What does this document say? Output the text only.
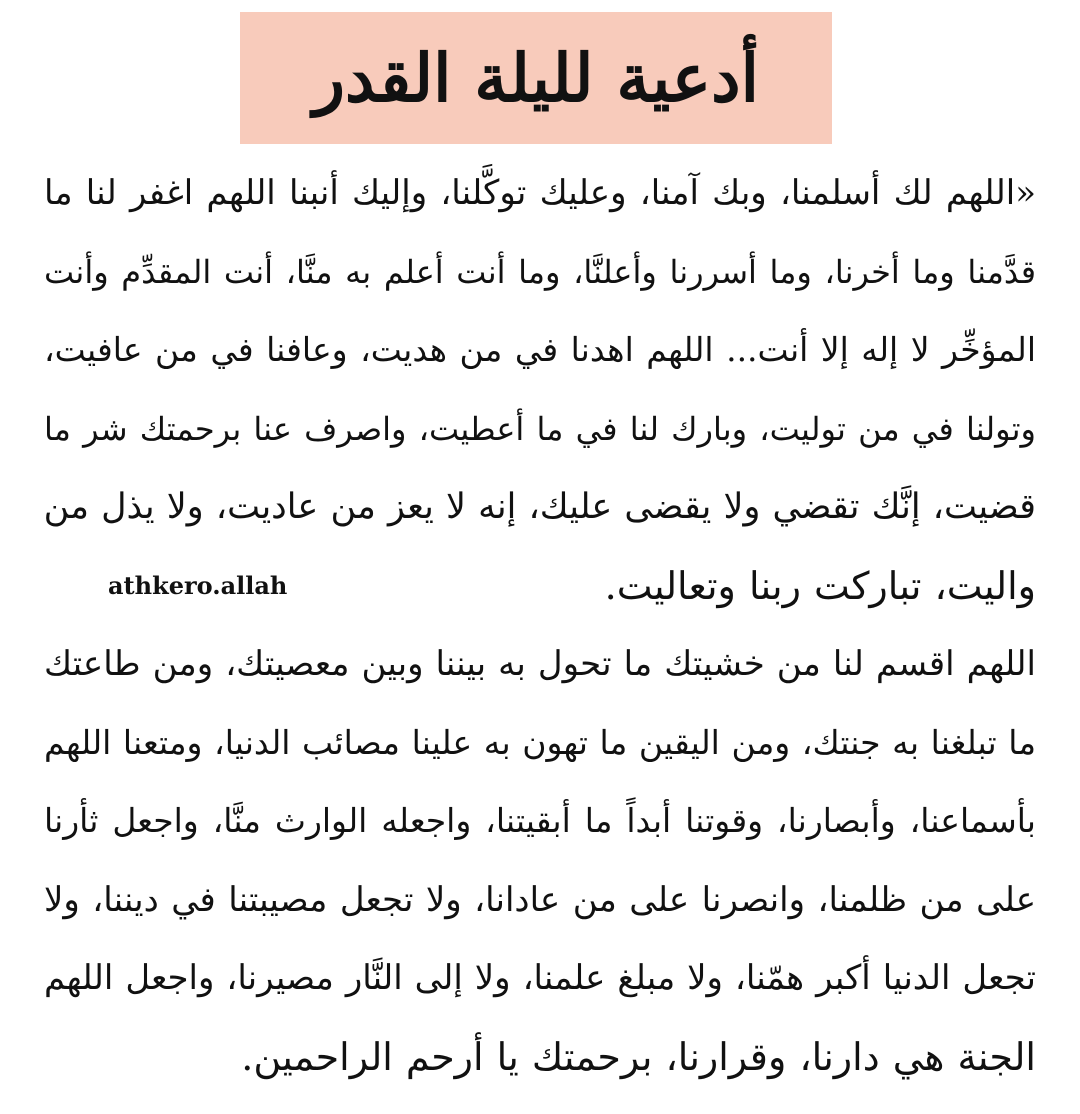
أدعية لليلة القدر
«اللهم لك أسلمنا، وبك آمنا، وعليك توكَّلنا، وإليك أنبنا اللهم اغفر لنا ما
قدَّمنا وما أخرنا، وما أسررنا وأعلنَّا، وما أنت أعلم به منَّا، أنت المقدِّم وأنت
المؤخِّر لا إله إلا أنت... اللهم اهدنا في من هديت، وعافنا في من عافيت،
وتولنا في من توليت، وبارك لنا في ما أعطيت، واصرف عنا برحمتك شر ما
قضيت، إنَّك تقضي ولا يقضى عليك، إنه لا يعز من عاديت، ولا يذل من
واليت، تباركت ربنا وتعاليت.
athkero.allah
اللهم اقسم لنا من خشيتك ما تحول به بيننا وبين معصيتك، ومن طاعتك
ما تبلغنا به جنتك، ومن اليقين ما تهون به علينا مصائب الدنيا، ومتعنا اللهم
بأسماعنا، وأبصارنا، وقوتنا أبداً ما أبقيتنا، واجعله الوارث منَّا، واجعل ثأرنا
على من ظلمنا، وانصرنا على من عادانا، ولا تجعل مصيبتنا في ديننا، ولا
تجعل الدنيا أكبر همّنا، ولا مبلغ علمنا، ولا إلى النَّار مصيرنا، واجعل اللهم
الجنة هي دارنا، وقرارنا، برحمتك يا أرحم الراحمين.
